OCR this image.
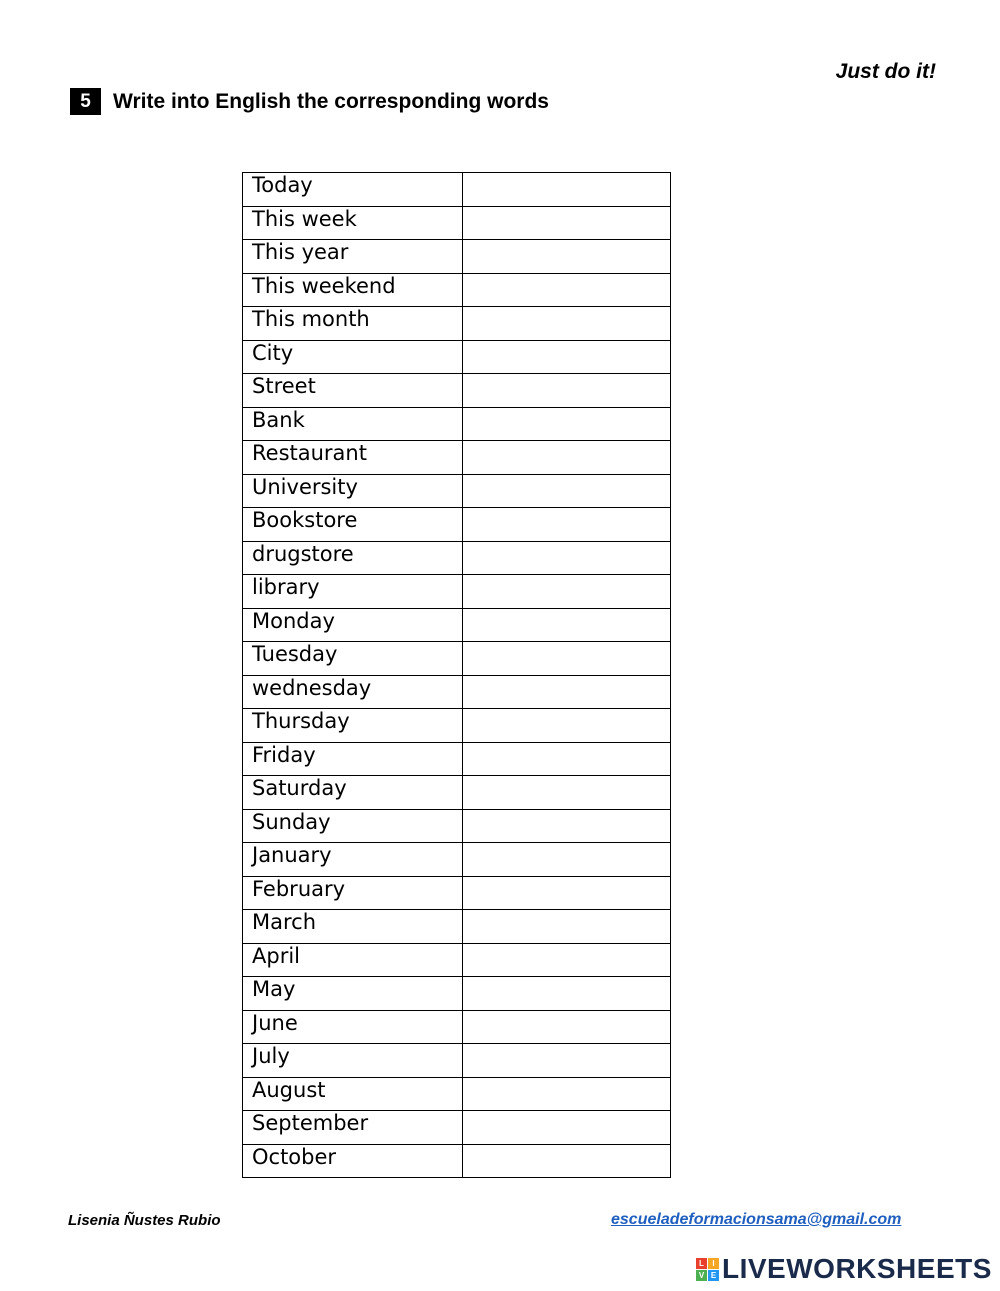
Just do it!
5	Write into English the corresponding words
Today	
This week	
This year	
This weekend	
This month	
City	
Street	
Bank	
Restaurant	
University	
Bookstore	
drugstore	
library	
Monday	
Tuesday	
wednesday	
Thursday	
Friday	
Saturday	
Sunday	
January	
February	
March	
April	
May	
June	
July	
August	
September	
October	
Lisenia Ñustes Rubio	escueladeformacionsama@gmail.com
L	I
V E LIVEWORKSHEETS
